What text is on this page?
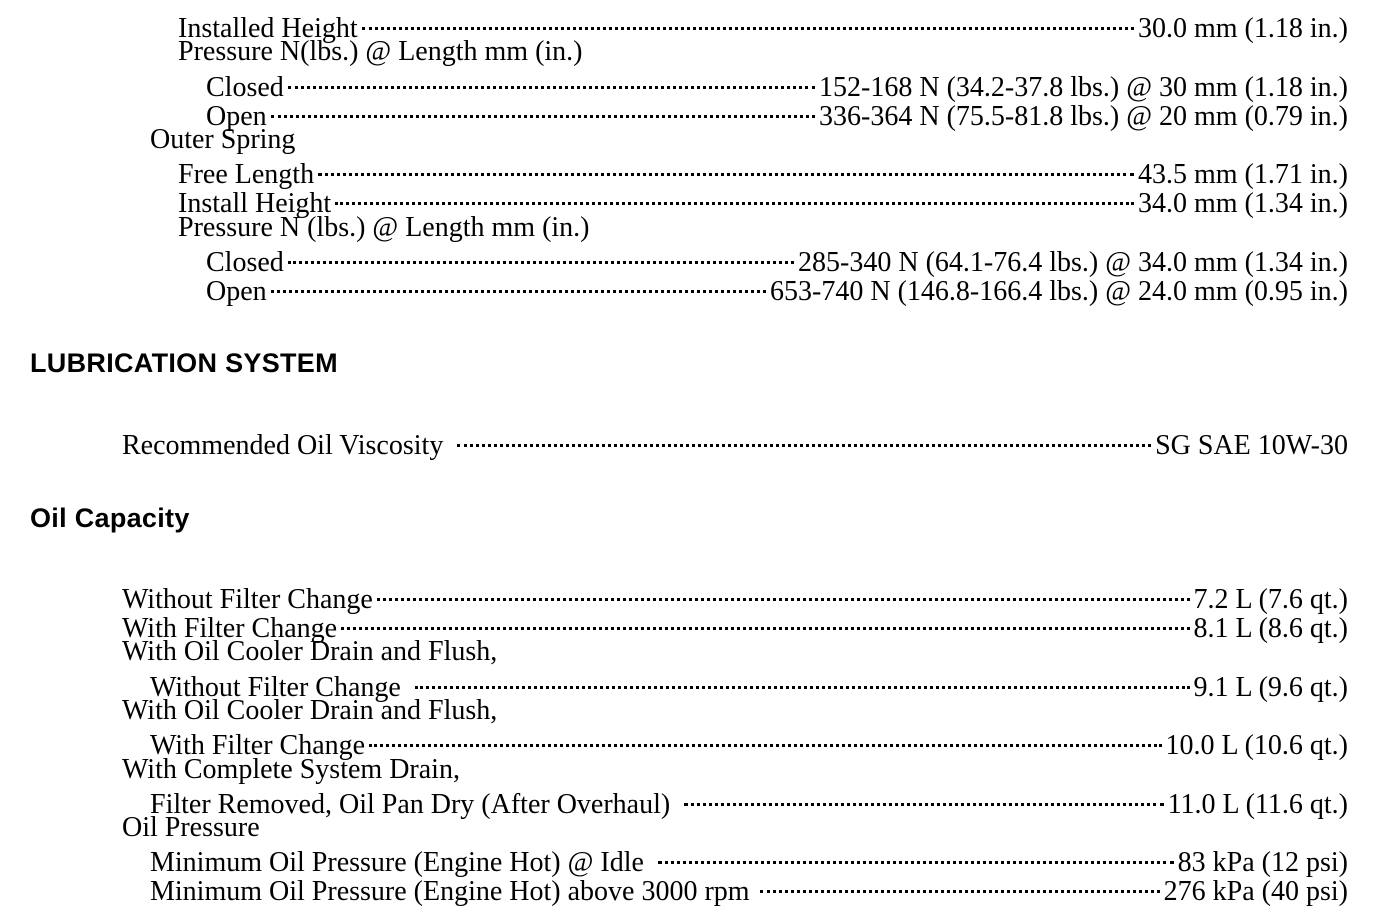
Installed Height	30.0 mm (1.18 in.)
Pressure N(lbs.) @ Length mm (in.)
Closed	152-168 N (34.2-37.8 lbs.) @ 30 mm (1.18 in.)
Open	336-364 N (75.5-81.8 lbs.) @ 20 mm (0.79 in.)
Outer Spring
Free Length	43.5 mm (1.71 in.)
Install Height	34.0 mm (1.34 in.)
Pressure N (lbs.) @ Length mm (in.)
Closed	285-340 N (64.1-76.4 lbs.) @ 34.0 mm (1.34 in.)
Open	653-740 N (146.8-166.4 lbs.) @ 24.0 mm (0.95 in.)
LUBRICATION SYSTEM
Recommended Oil Viscosity	SG SAE 10W-30
Oil Capacity
Without Filter Change	7.2 L (7.6 qt.)
With Filter Change	8.1 L (8.6 qt.)
With Oil Cooler Drain and Flush,
Without Filter Change	9.1 L (9.6 qt.)
With Oil Cooler Drain and Flush,
With Filter Change	10.0 L (10.6 qt.)
With Complete System Drain,
Filter Removed, Oil Pan Dry (After Overhaul)	11.0 L (11.6 qt.)
Oil Pressure
Minimum Oil Pressure (Engine Hot) @ Idle	83 kPa (12 psi)
Minimum Oil Pressure (Engine Hot) above 3000 rpm	276 kPa (40 psi)
